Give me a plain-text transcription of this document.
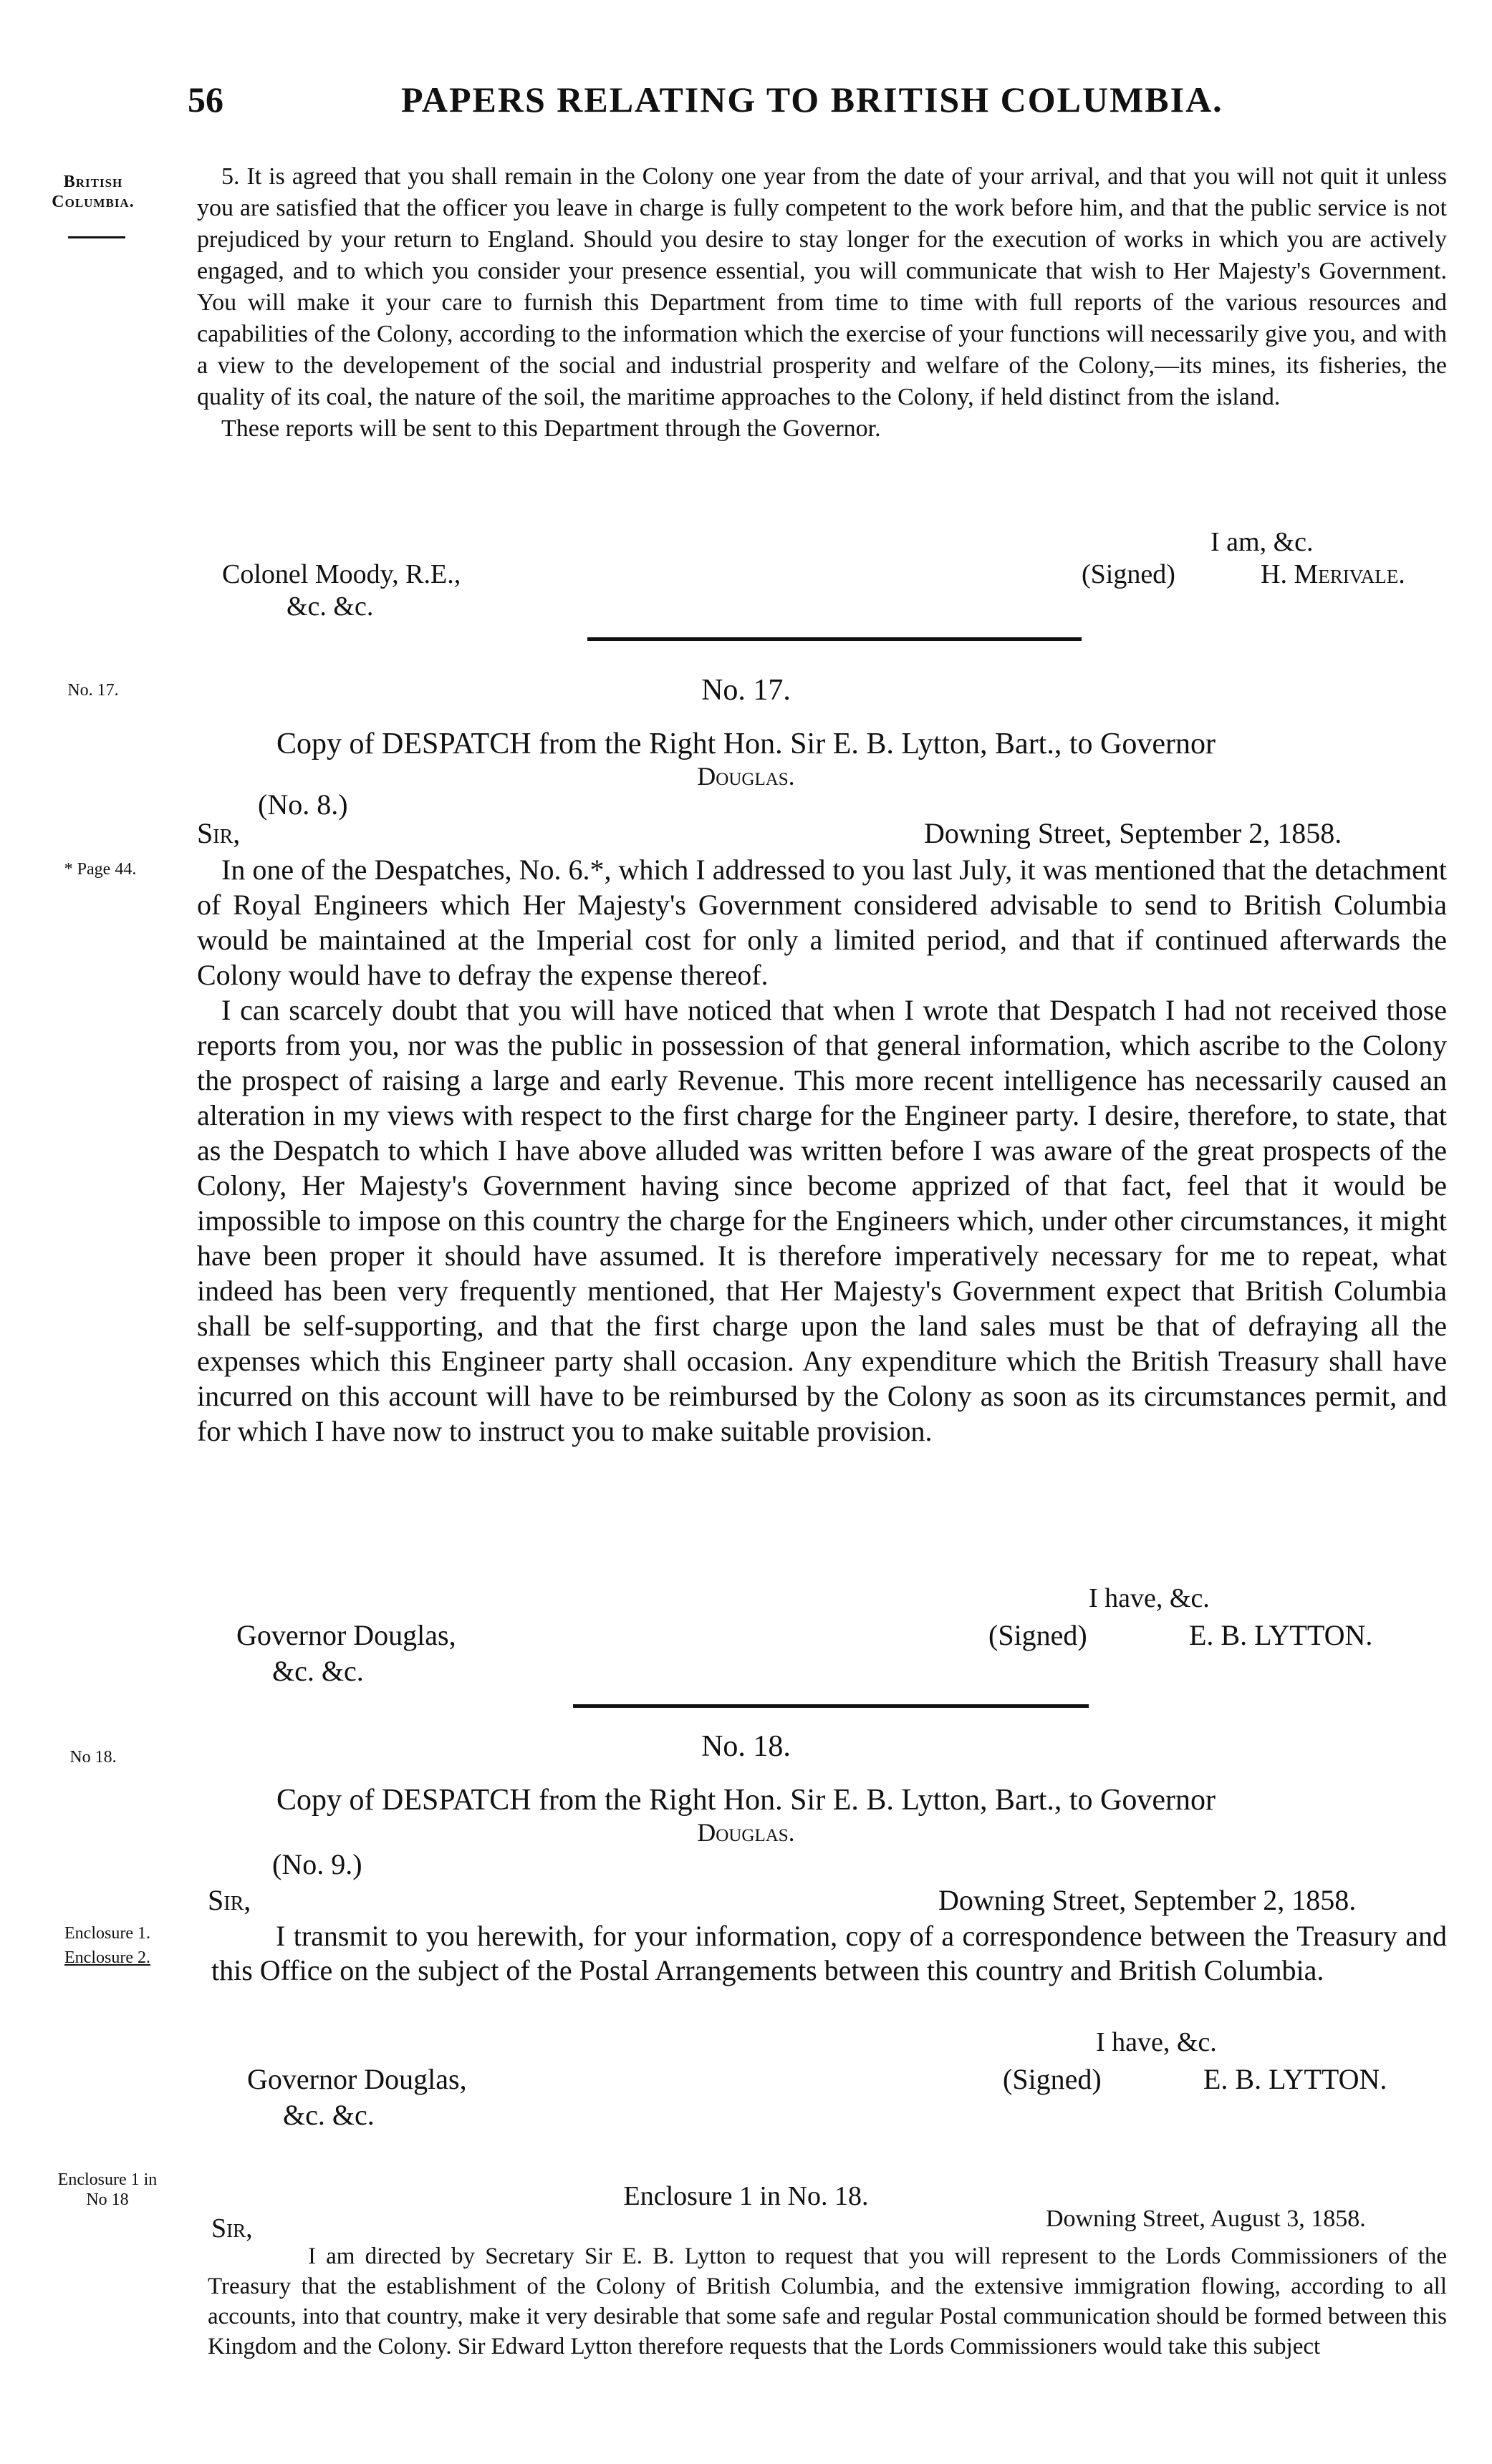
56	PAPERS RELATING TO BRITISH COLUMBIA.
British
Columbia.
No. 17.
* Page 44.
No 18.
Enclosure 1.
Enclosure 2.
Enclosure 1 in
No 18

5. It is agreed that you shall remain in the Colony one year from the date of your arrival, and that you will not quit it unless you are satisfied that the officer you leave in charge is fully competent to the work before him, and that the public service is not prejudiced by your return to England. Should you desire to stay longer for the execution of works in which you are actively engaged, and to which you consider your presence essential, you will communicate that wish to Her Majesty's Government. You will make it your care to furnish this Department from time to time with full reports of the various resources and capabilities of the Colony, according to the information which the exercise of your functions will necessarily give you, and with a view to the developement of the social and industrial prosperity and welfare of the Colony,—its mines, its fisheries, the quality of its coal, the nature of the soil, the maritime approaches to the Colony, if held distinct from the island.

These reports will be sent to this Department through the Governor.

I am, &c.
Colonel Moody, R.E.,
&c. &c.
(Signed)	H. Merivale.
No. 17.
Copy of DESPATCH from the Right Hon. Sir E. B. Lytton, Bart., to Governor
Douglas.
(No. 8.)
Sir,	Downing Street, September 2, 1858.

In one of the Despatches, No. 6.*, which I addressed to you last July, it was mentioned that the detachment of Royal Engineers which Her Majesty's Government considered advisable to send to British Columbia would be maintained at the Imperial cost for only a limited period, and that if continued afterwards the Colony would have to defray the expense thereof.

I can scarcely doubt that you will have noticed that when I wrote that Despatch I had not received those reports from you, nor was the public in possession of that general information, which ascribe to the Colony the prospect of raising a large and early Revenue. This more recent intelligence has necessarily caused an alteration in my views with respect to the first charge for the Engineer party. I desire, therefore, to state, that as the Despatch to which I have above alluded was written before I was aware of the great prospects of the Colony, Her Majesty's Government having since become apprized of that fact, feel that it would be impossible to impose on this country the charge for the Engineers which, under other circumstances, it might have been proper it should have assumed. It is therefore imperatively necessary for me to repeat, what indeed has been very frequently mentioned, that Her Majesty's Government expect that British Columbia shall be self-supporting, and that the first charge upon the land sales must be that of defraying all the expenses which this Engineer party shall occasion. Any expenditure which the British Treasury shall have incurred on this account will have to be reimbursed by the Colony as soon as its circumstances permit, and for which I have now to instruct you to make suitable provision.

I have, &c.
Governor Douglas,
&c. &c.
(Signed)	E. B. LYTTON.
No. 18.
Copy of DESPATCH from the Right Hon. Sir E. B. Lytton, Bart., to Governor
Douglas.
(No. 9.)
Sir,	Downing Street, September 2, 1858.

I transmit to you herewith, for your information, copy of a correspondence between the Treasury and this Office on the subject of the Postal Arrangements between this country and British Columbia.

I have, &c.
Governor Douglas,
&c. &c.
(Signed)	E. B. LYTTON.
Enclosure 1 in No. 18.
Sir,	Downing Street, August 3, 1858.

I am directed by Secretary Sir E. B. Lytton to request that you will represent to the Lords Commissioners of the Treasury that the establishment of the Colony of British Columbia, and the extensive immigration flowing, according to all accounts, into that country, make it very desirable that some safe and regular Postal communication should be formed between this Kingdom and the Colony. Sir Edward Lytton therefore requests that the Lords Commissioners would take this subject
